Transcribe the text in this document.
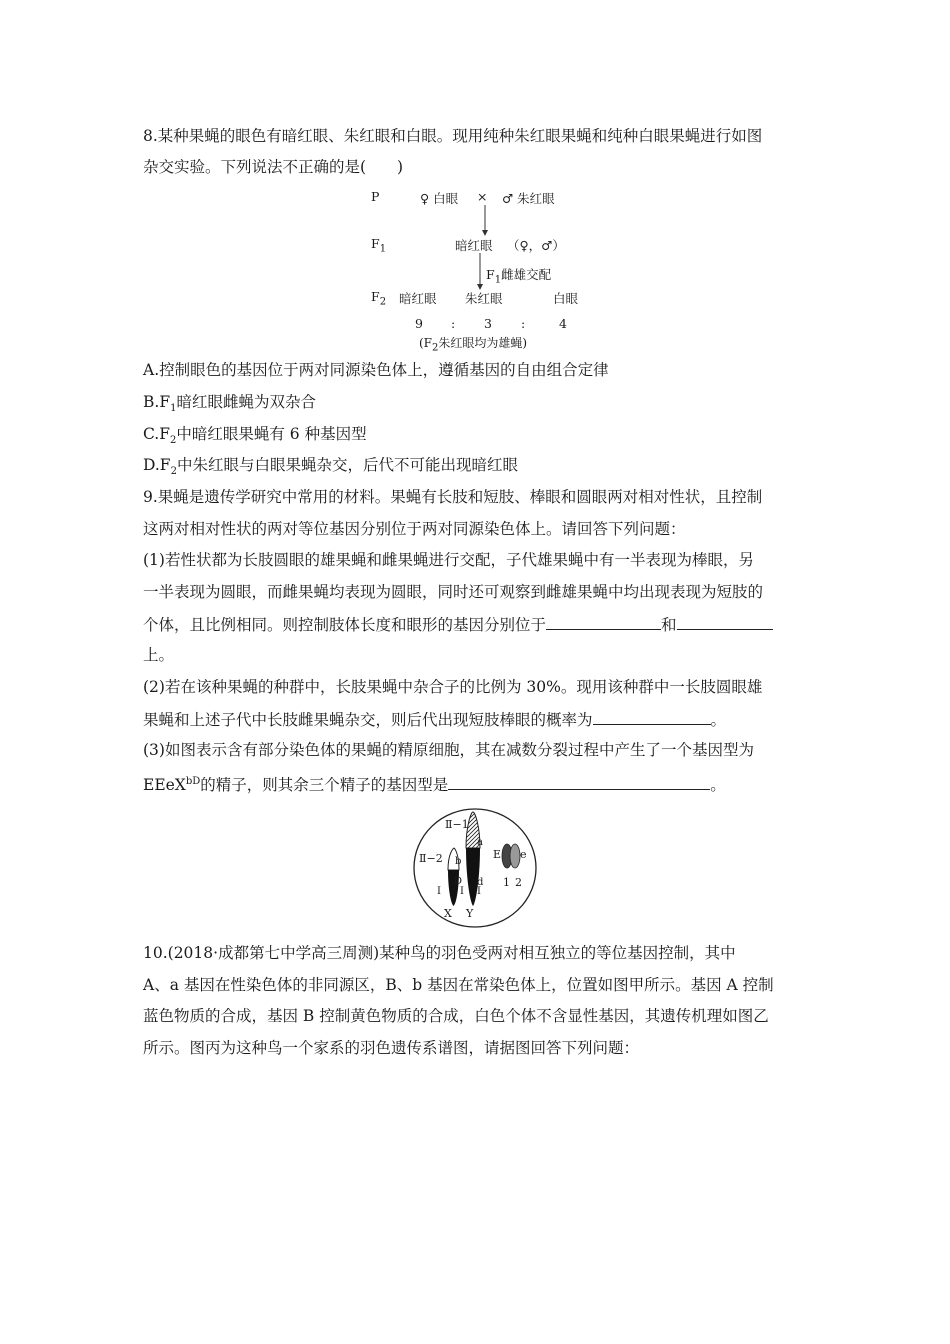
8.某种果蝇的眼色有暗红眼、朱红眼和白眼。现用纯种朱红眼果蝇和纯种白眼果蝇进行如图
杂交实验。下列说法不正确的是(　　)
P	♀ 白眼 × ♂ 朱红眼
$F_1$	暗红眼 （♀，♂）
$F_1$雌雄交配
$F_2$ 暗红眼 朱红眼	白眼
9 : 3 :	4
($F_2$朱红眼均为雄蝇)
A.控制眼色的基因位于两对同源染色体上，遵循基因的自由组合定律
$B.F_1$暗红眼雌蝇为双杂合
$C.F_2$中暗红眼果蝇有 6 种基因型
$D.F_2$中朱红眼与白眼果蝇杂交，后代不可能出现暗红眼
9.果蝇是遗传学研究中常用的材料。果蝇有长肢和短肢、棒眼和圆眼两对相对性状，且控制
这两对相对性状的两对等位基因分别位于两对同源染色体上。请回答下列问题：
(1)若性状都为长肢圆眼的雄果蝇和雌果蝇进行交配，子代雄果蝇中有一半表现为棒眼，另
一半表现为圆眼，而雌果蝇均表现为圆眼，同时还可观察到雌雄果蝇中均出现表现为短肢的
个体，且比例相同。则控制肢体长度和眼形的基因分别位于	和
上。
(2)若在该种果蝇的种群中，长肢果蝇中杂合子的比例为 30%。现用该种群中一长肢圆眼雄
果蝇和上述子代中长肢雌果蝇杂交，则后代出现短肢棒眼的概率为	。
(3)如图表示含有部分染色体的果蝇的精原细胞，其在减数分裂过程中产生了一个基因型为
EEeX$^{bD}$的精子，则其余三个精子的基因型是	。
Ⅱ−1
Ⅱ−2
a
b
D d
Ⅰ Ⅰ Ⅰ
X Y
E e
1 2
10.(2018·成都第七中学高三周测)某种鸟的羽色受两对相互独立的等位基因控制，其中
A、a 基因在性染色体的非同源区，B、b 基因在常染色体上，位置如图甲所示。基因 A 控制
蓝色物质的合成，基因 B 控制黄色物质的合成，白色个体不含显性基因，其遗传机理如图乙
所示。图丙为这种鸟一个家系的羽色遗传系谱图，请据图回答下列问题：
